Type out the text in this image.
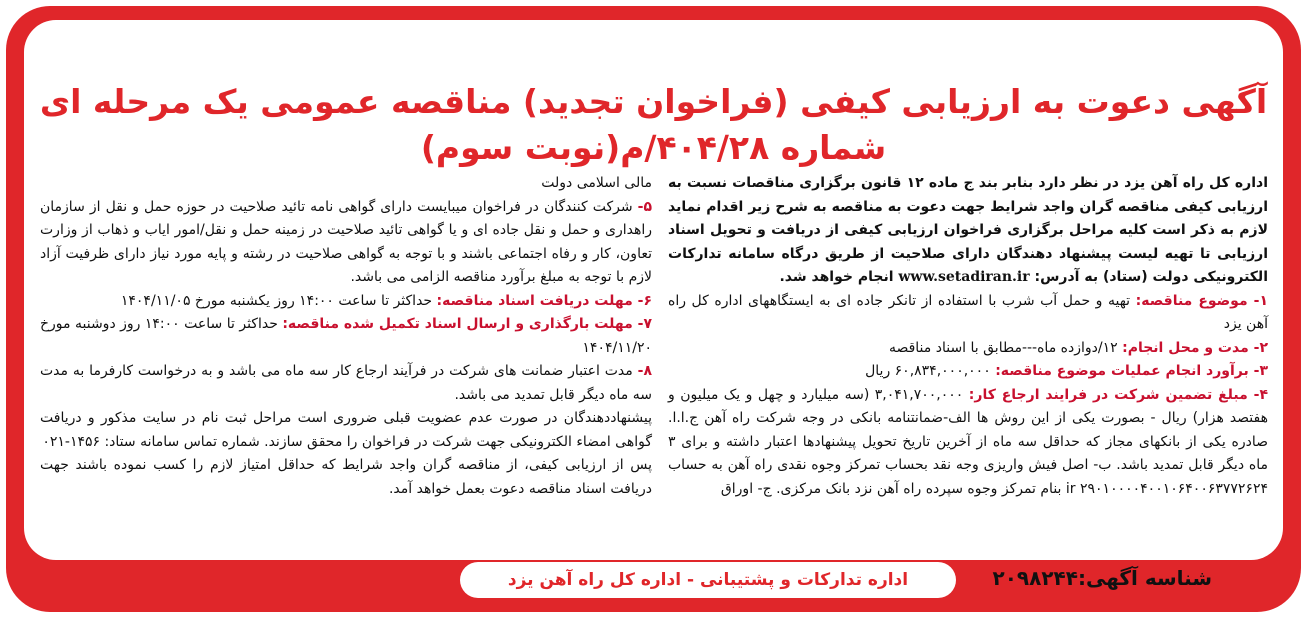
آگهی دعوت به ارزیابی کیفی (فراخوان تجدید) مناقصه عمومی یک مرحله ای
شماره ۴۰۴/۲۸/م(نوبت سوم)

اداره کل راه آهن یزد در نظر دارد بنابر بند ج ماده ۱۲ قانون برگزاری مناقصات نسبت به ارزیابی کیفی مناقصه گران واجد شرایط جهت دعوت به مناقصه به شرح زیر اقدام نماید لازم به ذکر است کلیه مراحل برگزاری فراخوان ارزیابی کیفی از دریافت و تحویل اسناد ارزیابی تا تهیه لیست پیشنهاد دهندگان دارای صلاحیت از طریق درگاه سامانه تدارکات الکترونیکی دولت (ستاد) به آدرس: www.setadiran.ir انجام خواهد شد.

۱- موضوع مناقصه: تهیه و حمل آب شرب با استفاده از تانکر جاده ای به ایستگاههای اداره کل راه آهن یزد

۲- مدت و محل انجام: ۱۲/دوازده ماه---مطابق با اسناد مناقصه

۳- برآورد انجام عملیات موضوع مناقصه: ۶۰,۸۳۴,۰۰۰,۰۰۰ ریال

۴- مبلغ تضمین شرکت در فرایند ارجاع کار: ۳,۰۴۱,۷۰۰,۰۰۰ (سه میلیارد و چهل و یک میلیون و هفتصد هزار) ریال - بصورت یکی از این روش ها الف-ضمانتنامه بانکی در وجه شرکت راه آهن ج.ا.ا. صادره یکی از بانکهای مجاز که حداقل سه ماه از آخرین تاریخ تحویل پیشنهادها اعتبار داشته و برای ۳ ماه دیگر قابل تمدید باشد. ب- اصل فیش واریزی وجه نقد بحساب تمرکز وجوه نقدی راه آهن به حساب ir ۲۹۰۱۰۰۰۰۴۰۰۱۰۶۴۰۰۶۳۷۷۲۶۲۴ بنام تمرکز وجوه سپرده راه آهن نزد بانک مرکزی. ج- اوراق

مالی اسلامی دولت

۵- شرکت کنندگان در فراخوان میبایست دارای گواهی نامه تائید صلاحیت در حوزه حمل و نقل از سازمان راهداری و حمل و نقل جاده ای و یا گواهی تائید صلاحیت در زمینه حمل و نقل/امور ایاب و ذهاب از وزارت تعاون، کار و رفاه اجتماعی باشند و با توجه به گواهی صلاحیت در رشته و پایه مورد نیاز دارای ظرفیت آزاد لازم با توجه به مبلغ برآورد مناقصه الزامی می باشد.

۶- مهلت دریافت اسناد مناقصه: حداکثر تا ساعت ۱۴:۰۰ روز یکشنبه مورخ ۱۴۰۴/۱۱/۰۵

۷- مهلت بارگذاری و ارسال اسناد تکمیل شده مناقصه: حداکثر تا ساعت ۱۴:۰۰ روز دوشنبه مورخ ۱۴۰۴/۱۱/۲۰

۸- مدت اعتبار ضمانت های شرکت در فرآیند ارجاع کار سه ماه می باشد و به درخواست کارفرما به مدت سه ماه دیگر قابل تمدید می باشد.

پیشنهاددهندگان در صورت عدم عضویت قبلی ضروری است مراحل ثبت نام در سایت مذکور و دریافت گواهی امضاء الکترونیکی جهت شرکت در فراخوان را محقق سازند. شماره تماس سامانه ستاد: ۱۴۵۶-۰۲۱

پس از ارزیابی کیفی، از مناقصه گران واجد شرایط که حداقل امتیاز لازم را کسب نموده باشند جهت دریافت اسناد مناقصه دعوت بعمل خواهد آمد.

شناسه آگهی:۲۰۹۸۲۴۴
اداره تدارکات و پشتیبانی - اداره کل راه آهن یزد
